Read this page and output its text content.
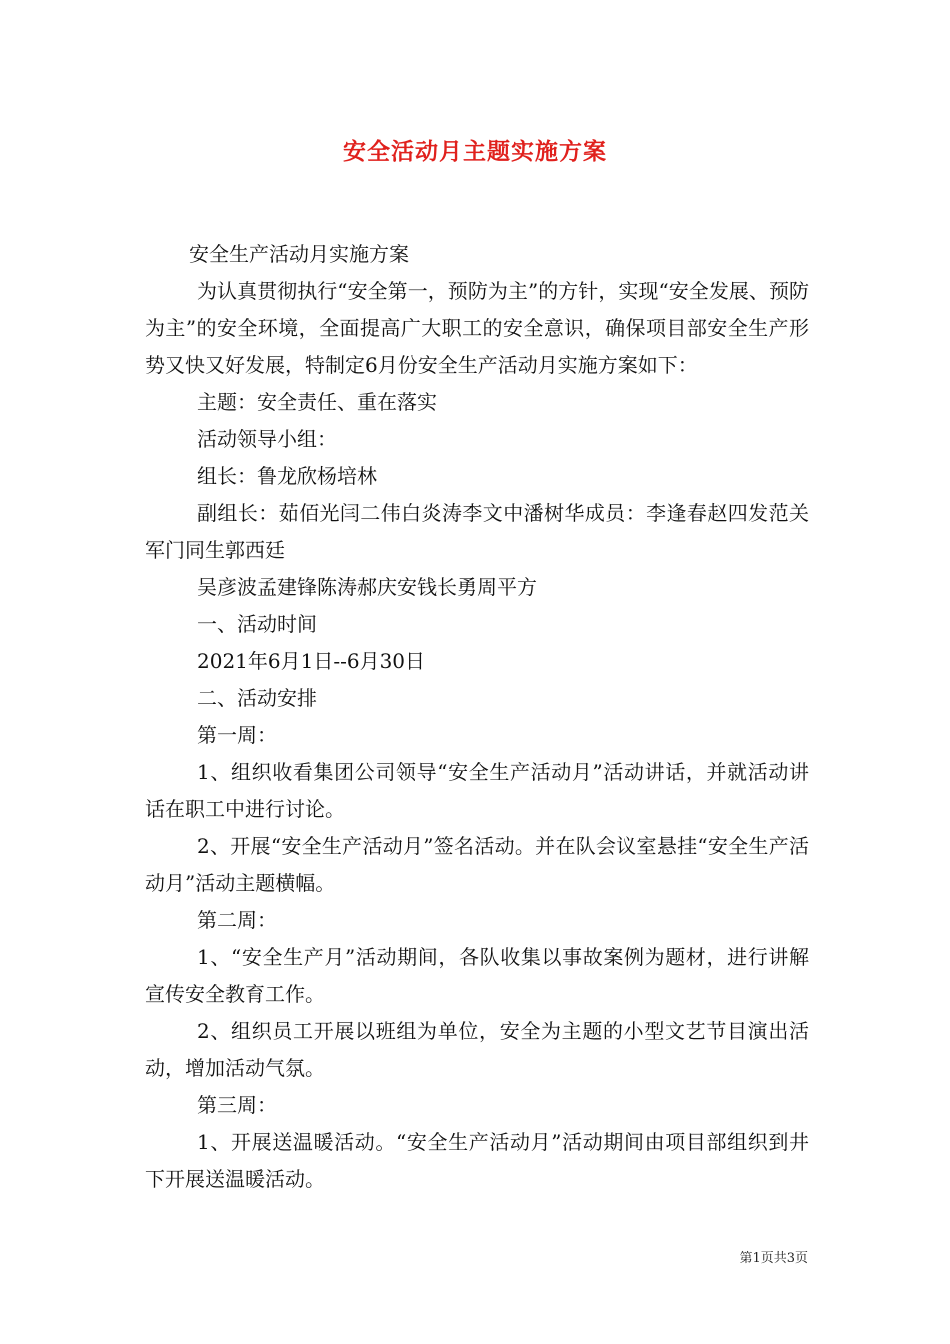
安全活动月主题实施方案

安全生产活动月实施方案

为认真贯彻执行“安全第一，预防为主”的方针，实现“安全发展、预防为主”的安全环境，全面提高广大职工的安全意识，确保项目部安全生产形势又快又好发展，特制定6月份安全生产活动月实施方案如下：

主题：安全责任、重在落实

活动领导小组：

组长：鲁龙欣杨培林

副组长：茹佰光闫二伟白炎涛李文中潘树华成员：李逢春赵四发范关军门同生郭西廷

吴彦波孟建锋陈涛郝庆安钱长勇周平方

一、活动时间

2021年6月1日--6月30日

二、活动安排

第一周：

1、组织收看集团公司领导“安全生产活动月”活动讲话，并就活动讲话在职工中进行讨论。

2、开展“安全生产活动月”签名活动。并在队会议室悬挂“安全生产活动月”活动主题横幅。

第二周：

1、“安全生产月”活动期间，各队收集以事故案例为题材，进行讲解宣传安全教育工作。

2、组织员工开展以班组为单位，安全为主题的小型文艺节目演出活动，增加活动气氛。

第三周：

1、开展送温暖活动。“安全生产活动月”活动期间由项目部组织到井下开展送温暖活动。

第1页共3页
